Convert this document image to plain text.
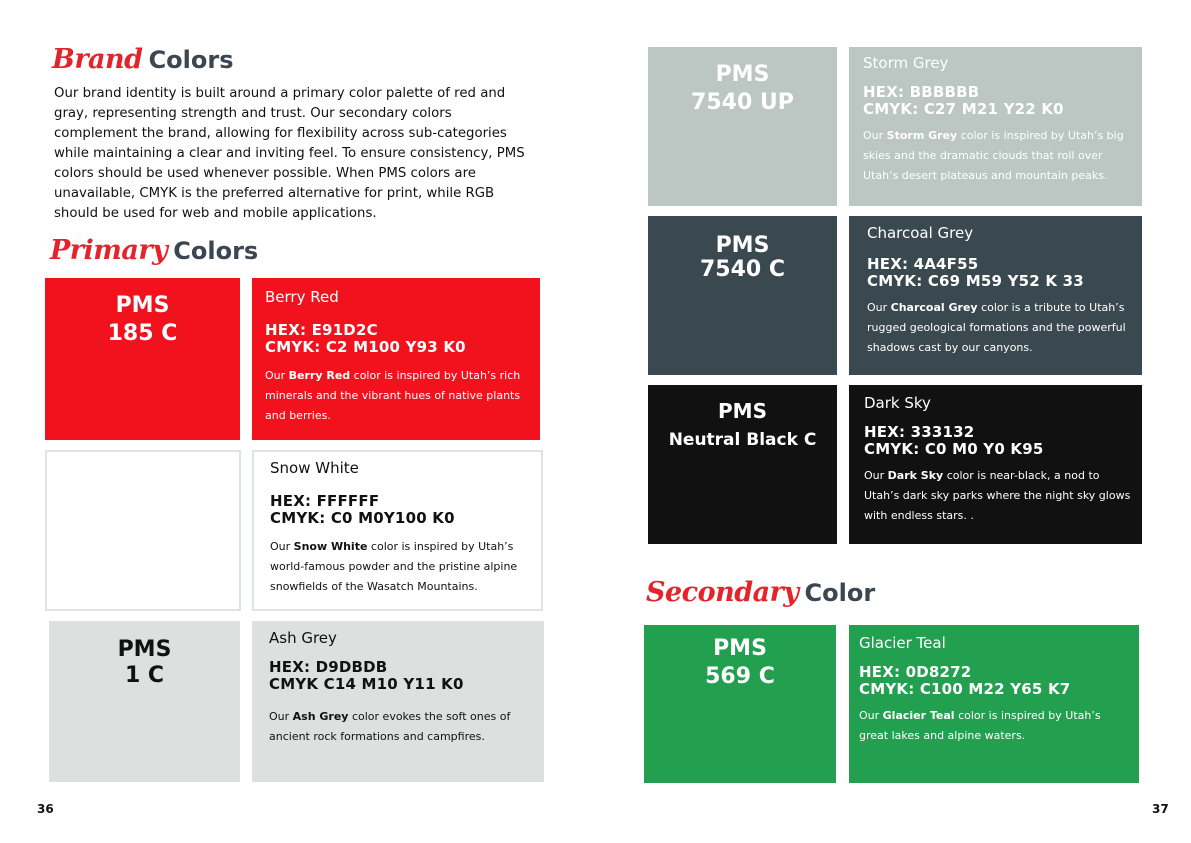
Brand Colors

Our brand identity is built around a primary color palette of red and gray, representing strength and trust. Our secondary colors complement the brand, allowing for flexibility across sub-categories while maintaining a clear and inviting feel. To ensure consistency, PMS colors should be used whenever possible. When PMS colors are unavailable, CMYK is the preferred alternative for print, while RGB should be used for web and mobile applications.

Primary Colors
PMS
185 C
Berry Red
HEX: E91D2C
CMYK: C2 M100 Y93 K0
Our Berry Red color is inspired by Utah’s rich minerals and the vibrant hues of native plants and berries.
Snow White
HEX: FFFFFF
CMYK: C0 M0Y100 K0
Our Snow White color is inspired by Utah’s world-famous powder and the pristine alpine snowfields of the Wasatch Mountains.
PMS
1 C
Ash Grey
HEX: D9DBDB
CMYK C14 M10 Y11 K0
Our Ash Grey color evokes the soft ones of ancient rock formations and campfires.
36
PMS
7540 UP
Storm Grey
HEX: BBBBBB
CMYK: C27 M21 Y22 K0
Our Storm Grey color is inspired by Utah’s big skies and the dramatic clouds that roll over Utah’s desert plateaus and mountain peaks.
PMS
7540 C
Charcoal Grey
HEX: 4A4F55
CMYK: C69 M59 Y52 K 33
Our Charcoal Grey color is a tribute to Utah’s rugged geological formations and the powerful shadows cast by our canyons.
PMS
Neutral Black C
Dark Sky
HEX: 333132
CMYK: C0 M0 Y0 K95
Our Dark Sky color is near-black, a nod to Utah’s dark sky parks where the night sky glows with endless stars. .
Secondary Color
PMS
569 C
Glacier Teal
HEX: 0D8272
CMYK: C100 M22 Y65 K7
Our Glacier Teal color is inspired by Utah’s great lakes and alpine waters.
37
